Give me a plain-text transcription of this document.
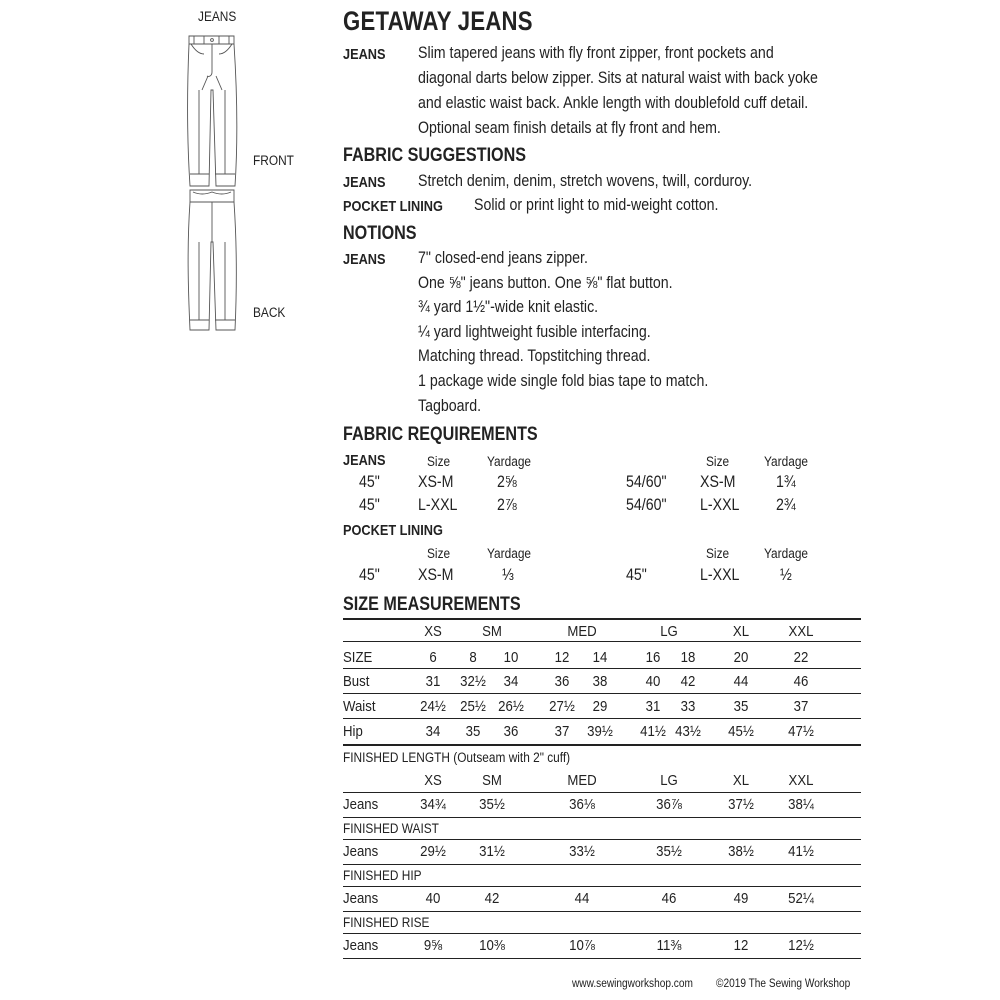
JEANS
FRONT
BACK
GETAWAY JEANS
JEANS Slim tapered jeans with fly front zipper, front pockets and
diagonal darts below zipper. Sits at natural waist with back yoke
and elastic waist back. Ankle length with doublefold cuff detail.
Optional seam finish details at fly front and hem.
FABRIC SUGGESTIONS
JEANS Stretch denim, denim, stretch wovens, twill, corduroy.
POCKET LINING Solid or print light to mid-weight cotton.
NOTIONS
JEANS 7" closed-end jeans zipper.
One ⅝" jeans button. One ⅝" flat button.
¾ yard 1½"-wide knit elastic.
¼ yard lightweight fusible interfacing.
Matching thread. Topstitching thread.
1 package wide single fold bias tape to match.
Tagboard.
FABRIC REQUIREMENTS
JEANS	Size	Yardage	Size	Yardage
45" XS-M	2⅝	54/60" XS-M 1¾
45" L-XXL 2⅞	54/60" L-XXL 2¾
POCKET LINING
Size	Yardage	Size	Yardage
45" XS-M	⅓	45"	L-XXL ½
SIZE MEASUREMENTS
XS	SM	MED	LG	XL	XXL
SIZE	6 8 10 12 14	16 18	20	22
Bust	31 32½ 34 36 38	40 42	44	46
Waist	24½ 25½ 26½ 27½ 29	31 33	35	37
Hip	34 35 36 37 39½ 41½ 43½ 45½ 47½
FINISHED LENGTH (Outseam with 2" cuff)
XS	SM	MED	LG	XL	XXL
Jeans	34¾ 35½	36⅛	36⅞	37½ 38¼
FINISHED WAIST
Jeans	29½ 31½	33½	35½	38½ 41½
FINISHED HIP
Jeans	40	42	44	46	49	52¼
FINISHED RISE
Jeans	9⅝ 10⅜	10⅞	11⅜	12	12½
www.sewingworkshop.com ©2019 The Sewing Workshop
